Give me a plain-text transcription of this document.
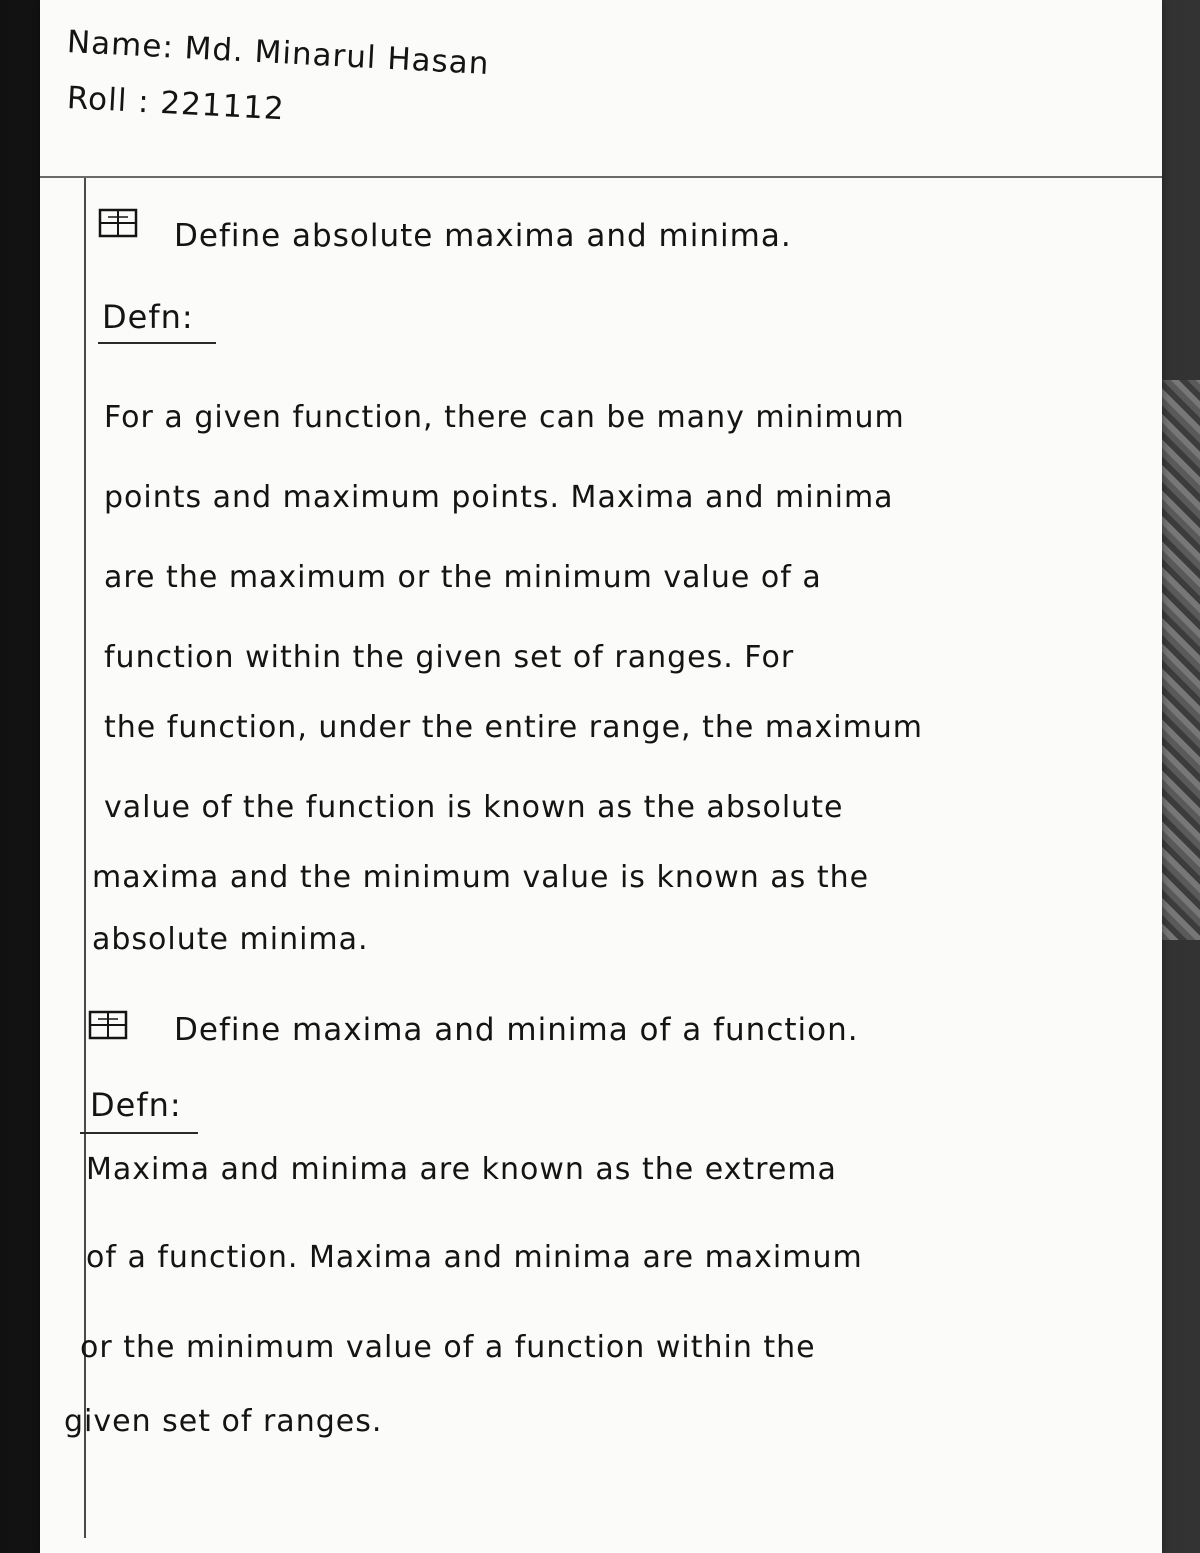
Name: Md. Minarul Hasan
Roll : 221112
Define absolute maxima and minima.
Defn:
For a given function, there can be many minimum
points and maximum points. Maxima and minima
are the maximum or the minimum value of a
function within the given set of ranges. For
the function, under the entire range, the maximum
value of the function is known as the absolute
maxima and the minimum value is known as the
absolute minima.
Define maxima and minima of a function.
Defn:
Maxima and minima are known as the extrema
of a function. Maxima and minima are maximum
or the minimum value of a function within the
given set of ranges.
